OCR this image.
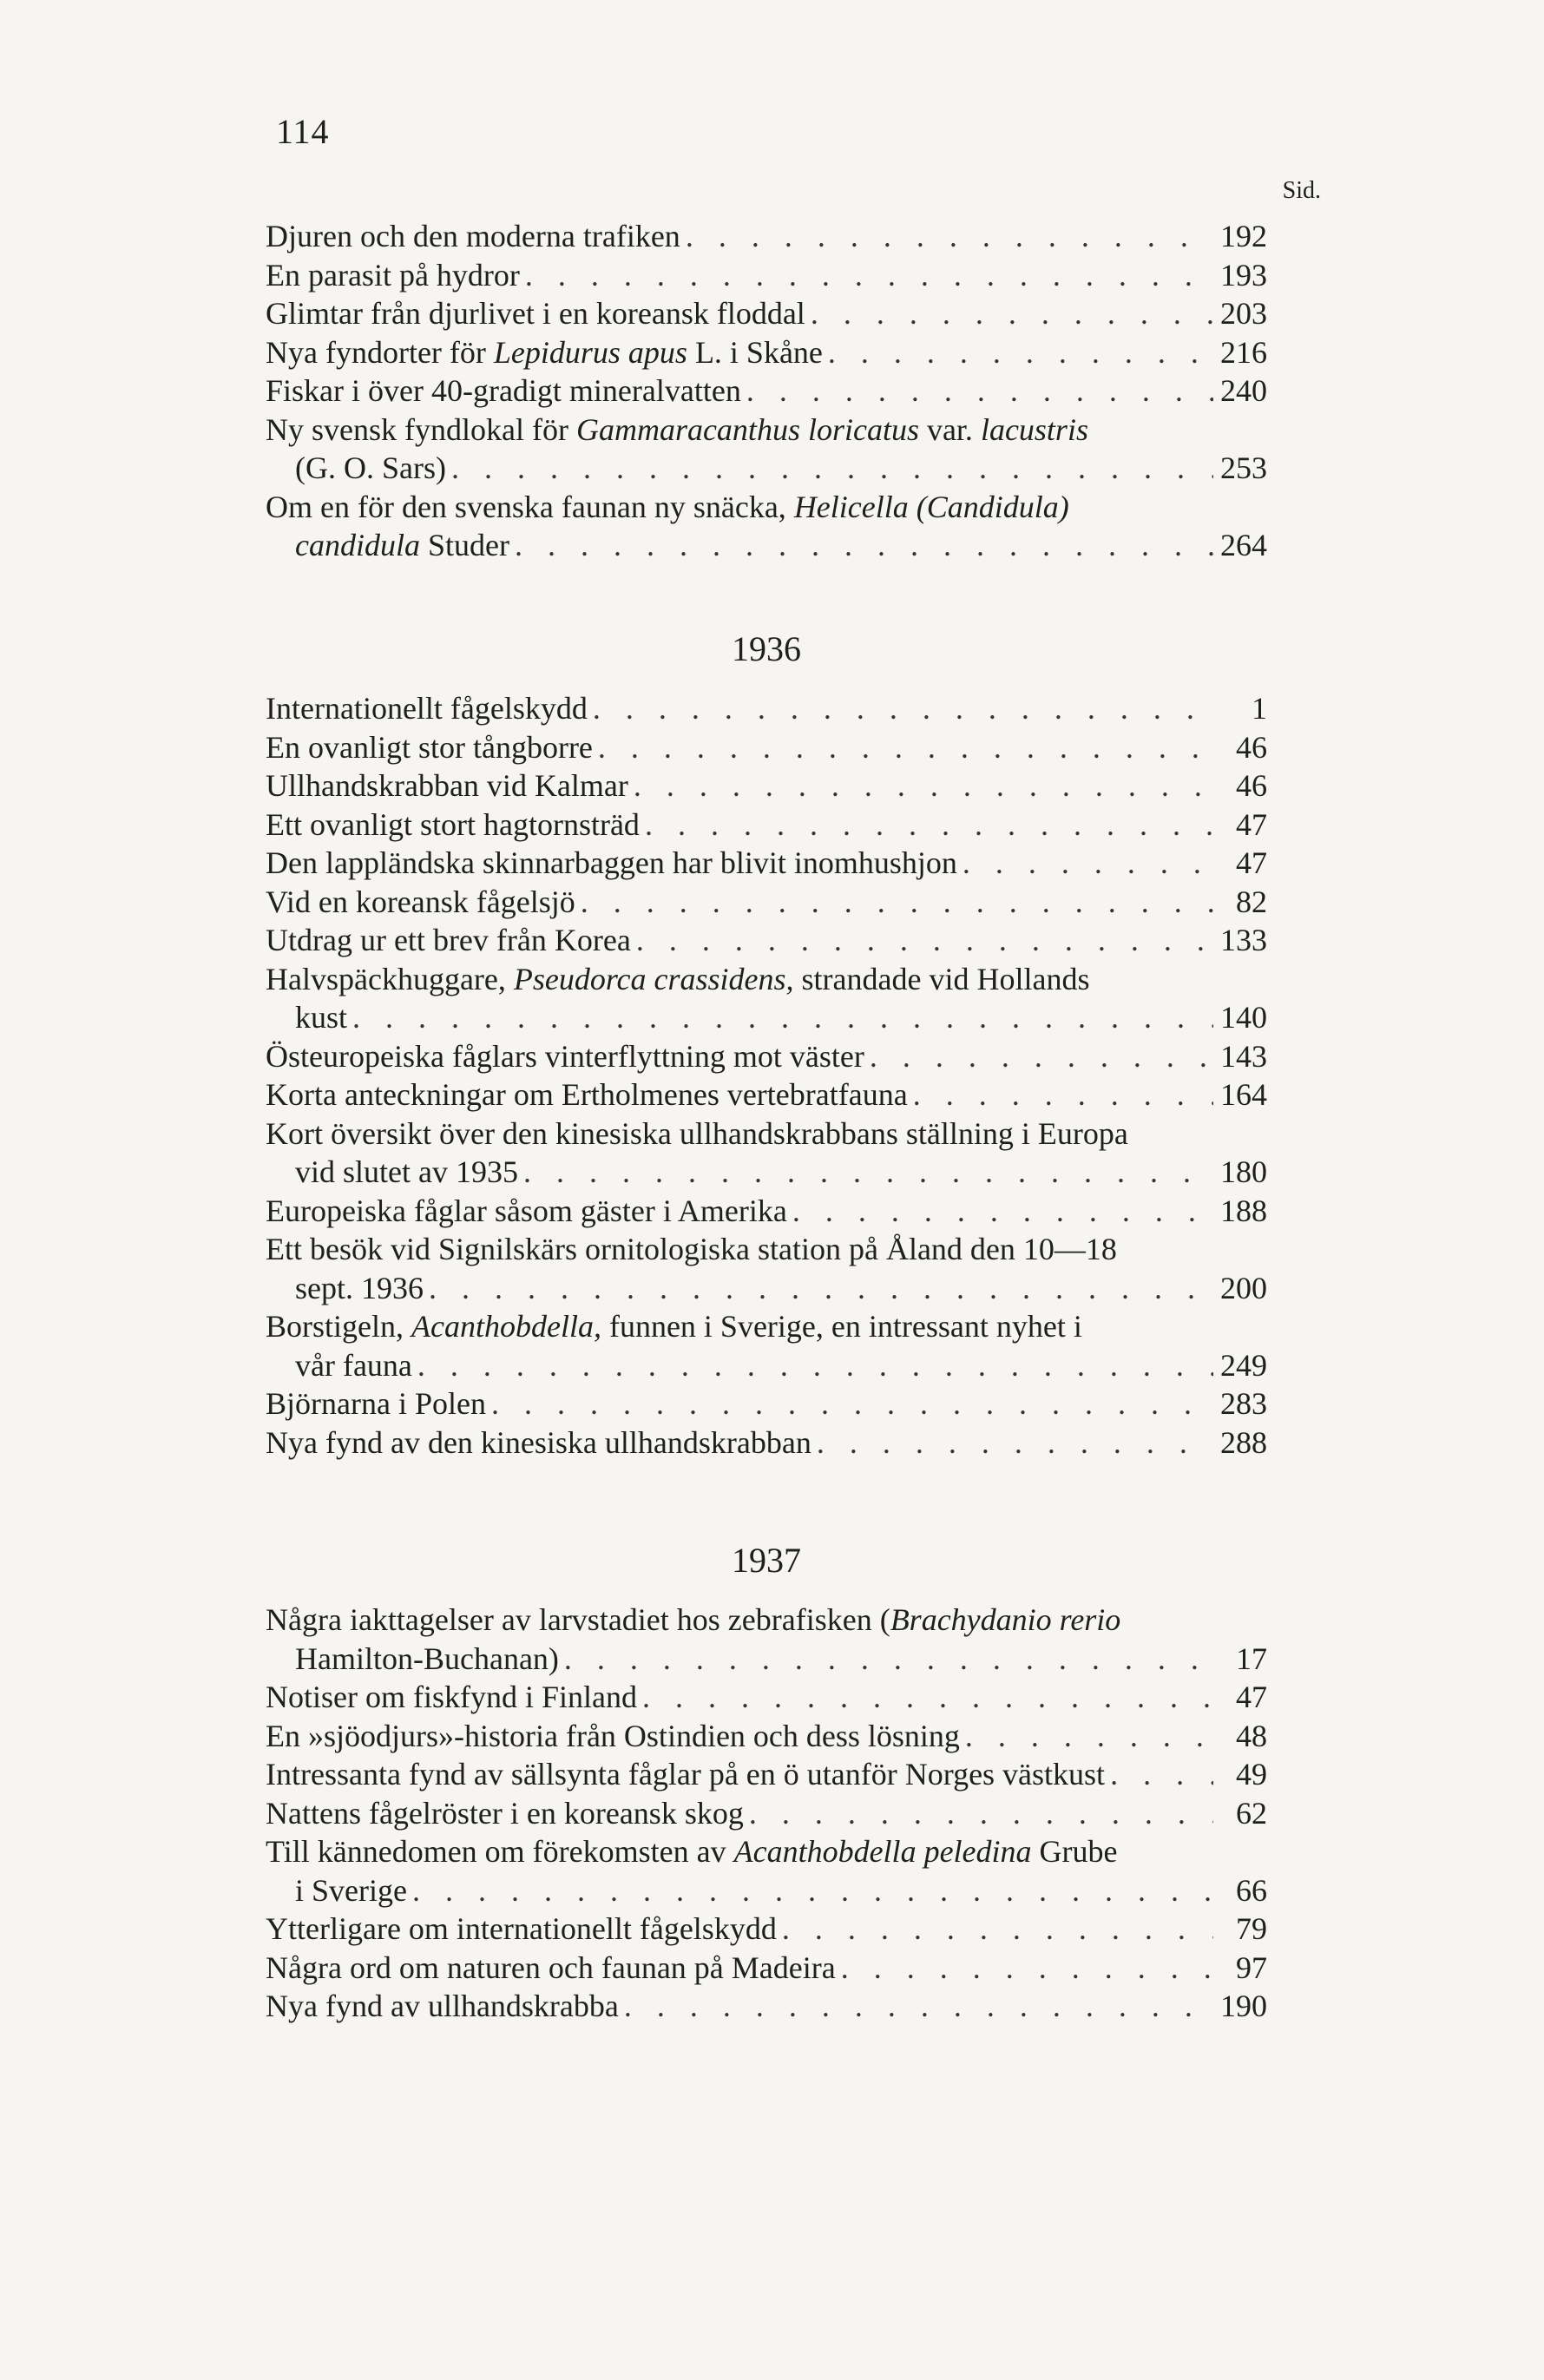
114
Sid.
Djuren och den moderna trafiken . . .	192
En parasit på hydror . . .	193
Glimtar från djurlivet i en koreansk floddal . . .	203
Nya fyndorter för Lepidurus apus L. i Skåne . . .	216
Fiskar i över 40-gradigt mineralvatten . . .	240
Ny svensk fyndlokal för Gammaracanthus loricatus var. lacustris
(G. O. Sars) . . .	253
Om en för den svenska faunan ny snäcka, Helicella (Candidula)
candidula Studer . . .	264
1936
Internationellt fågelskydd . . .	1
En ovanligt stor tångborre . . .	46
Ullhandskrabban vid Kalmar . . .	46
Ett ovanligt stort hagtornsträd . . .	47
Den lappländska skinnarbaggen har blivit inomhushjon . . .	47
Vid en koreansk fågelsjö . . .	82
Utdrag ur ett brev från Korea . . .	133
Halvspäckhuggare, Pseudorca crassidens, strandade vid Hollands
kust . . .	140
Östeuropeiska fåglars vinterflyttning mot väster . . .	143
Korta anteckningar om Ertholmenes vertebratfauna . . .	164
Kort översikt över den kinesiska ullhandskrabbans ställning i Europa
vid slutet av 1935 . . .	180
Europeiska fåglar såsom gäster i Amerika . . .	188
Ett besök vid Signilskärs ornitologiska station på Åland den 10—18
sept. 1936 . . .	200
Borstigeln, Acanthobdella, funnen i Sverige, en intressant nyhet i
vår fauna . . .	249
Björnarna i Polen . . .	283
Nya fynd av den kinesiska ullhandskrabban . . .	288
1937
Några iakttagelser av larvstadiet hos zebrafisken (Brachydanio rerio
Hamilton-Buchanan) . . .	17
Notiser om fiskfynd i Finland . . .	47
En »sjöodjurs»-historia från Ostindien och dess lösning . . .	48
Intressanta fynd av sällsynta fåglar på en ö utanför Norges västkust . . .	49
Nattens fågelröster i en koreansk skog . . .	62
Till kännedomen om förekomsten av Acanthobdella peledina Grube
i Sverige . . .	66
Ytterligare om internationellt fågelskydd . . .	79
Några ord om naturen och faunan på Madeira . . .	97
Nya fynd av ullhandskrabba . . .	190
